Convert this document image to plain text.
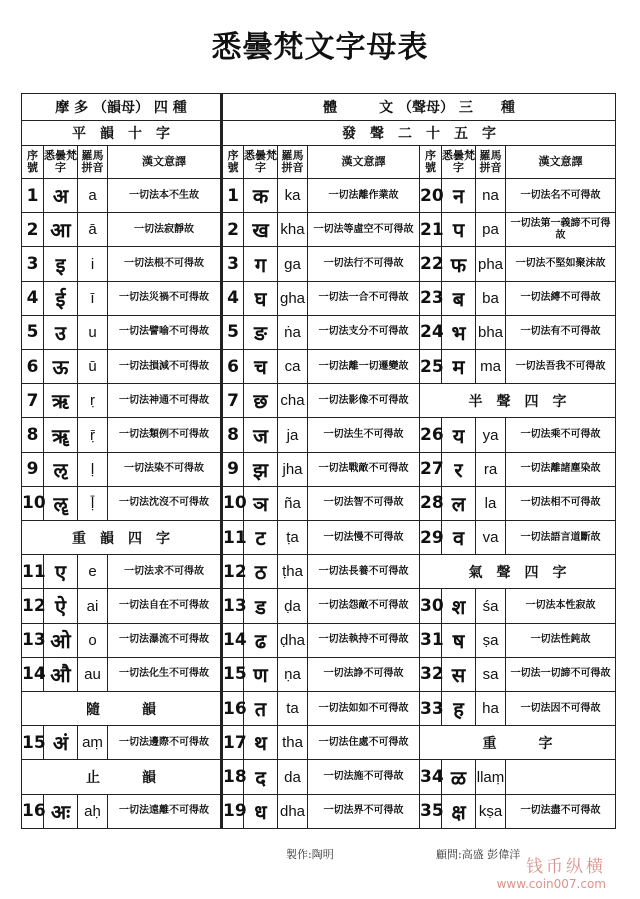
悉曇梵文字母表
摩 多 （韻母） 四 種				體　　　文 （聲母） 三　　種							
平　韻　十　字				發　聲　二　十　五　字							
序號	悉曇梵字	羅馬拼音	漢文意譯	序號	悉曇梵字	羅馬拼音	漢文意譯	序號	悉曇梵字	羅馬拼音	漢文意譯
1	अ	a	一切法本不生故	1	क	ka	一切法離作業故	20	न	na	一切法名不可得故
2	आ	ā	一切法寂靜故	2	ख	kha	一切法等虛空不可得故	21	प	pa	一切法第一義諦不可得故
3	इ	i	一切法根不可得故	3	ग	ga	一切法行不可得故	22	फ	pha	一切法不堅如聚沫故
4	ई	ī	一切法災禍不可得故	4	घ	gha	一切法一合不可得故	23	ब	ba	一切法縛不可得故
5	उ	u	一切法譬喻不可得故	5	ङ	ṅa	一切法支分不可得故	24	भ	bha	一切法有不可得故
6	ऊ	ū	一切法損減不可得故	6	च	ca	一切法離一切遷變故	25	म	ma	一切法吾我不可得故
7	ऋ	ṛ	一切法神通不可得故	7	छ	cha	一切法影像不可得故	半　聲　四　字			
8	ॠ	ṝ	一切法類例不可得故	8	ज	ja	一切法生不可得故	26	य	ya	一切法乘不可得故
9	ऌ	ḷ	一切法染不可得故	9	झ	jha	一切法戰敵不可得故	27	र	ra	一切法離諸塵染故
10	ॡ	ḹ	一切法沈沒不可得故	10	ञ	ña	一切法智不可得故	28	ल	la	一切法相不可得故
重　韻　四　字				11	ट	ṭa	一切法慢不可得故	29	व	va	一切法語言道斷故
11	ए	e	一切法求不可得故	12	ठ	ṭha	一切法長養不可得故	氣　聲　四　字			
12	ऐ	ai	一切法自在不可得故	13	ड	ḍa	一切法怨敵不可得故	30	श	śa	一切法本性寂故
13	ओ	o	一切法瀑流不可得故	14	ढ	ḍha	一切法執持不可得故	31	ष	ṣa	一切法性鈍故
14	औ	au	一切法化生不可得故	15	ण	ṇa	一切法諍不可得故	32	स	sa	一切法一切諦不可得故
隨　　　韻				16	त	ta	一切法如如不可得故	33	ह	ha	一切法因不可得故
15	अं	aṃ	一切法邊際不可得故	17	थ	tha	一切法住處不可得故	重　　　字			
止　　　韻				18	द	da	一切法施不可得故	34	ळ	llaṃ	
16	अः	aḥ	一切法遠離不可得故	19	ध	dha	一切法界不可得故	35	क्ष	kṣa	一切法盡不可得故
製作:陶明	顧問:高盛 彭偉洋
钱币纵横
www.coin007.com
